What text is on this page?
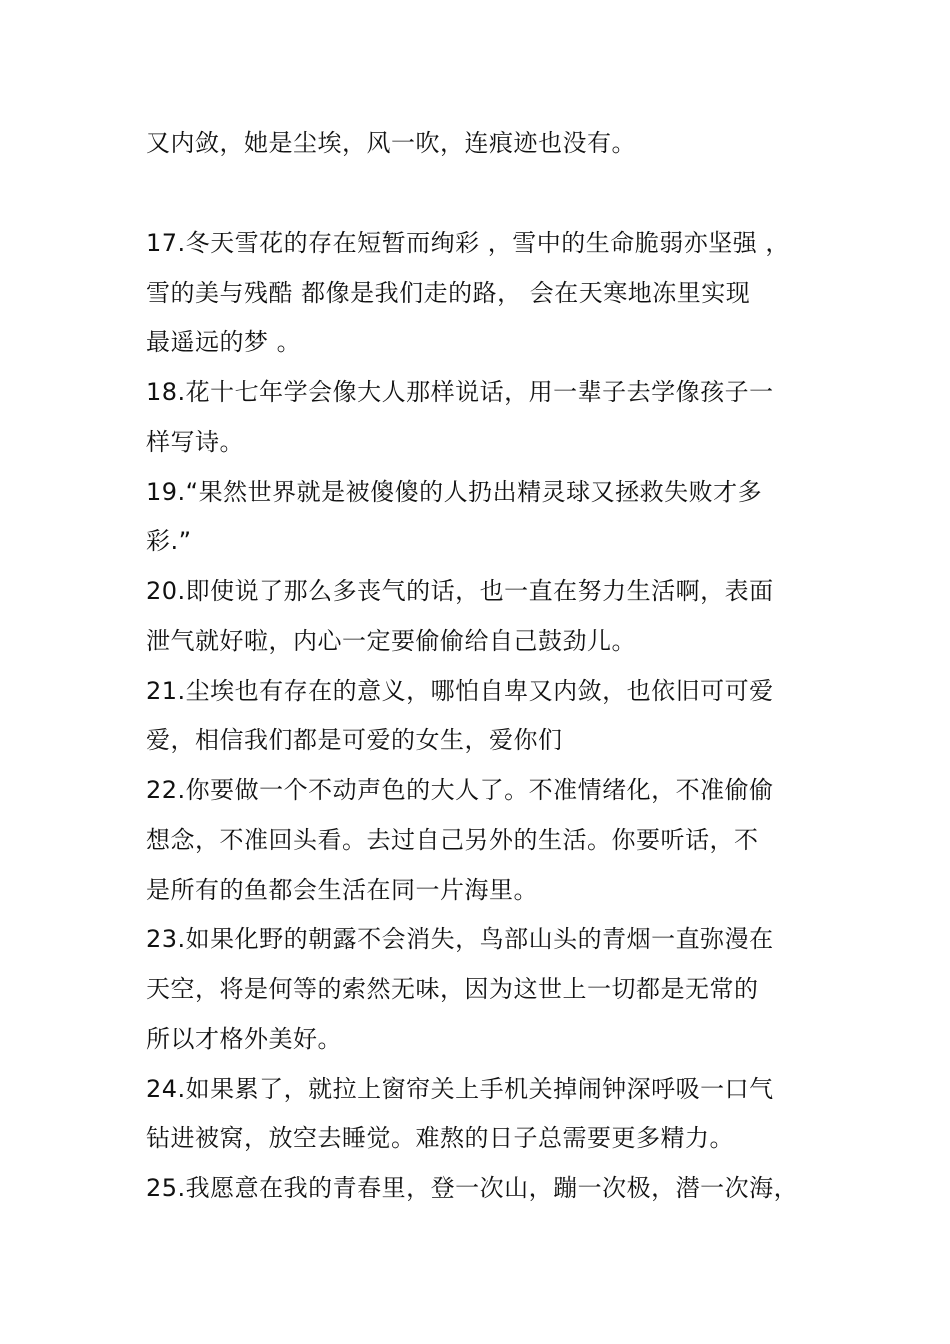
又内敛，她是尘埃，风一吹，连痕迹也没有。
17.冬天雪花的存在短暂而绚彩 ，雪中的生命脆弱亦坚强 ，
雪的美与残酷 都像是我们走的路， 会在天寒地冻里实现
最遥远的梦 。
18.花十七年学会像大人那样说话，用一辈子去学像孩子一
样写诗。
19.“果然世界就是被傻傻的人扔出精灵球又拯救失败才多
彩.”
20.即使说了那么多丧气的话，也一直在努力生活啊，表面
泄气就好啦，内心一定要偷偷给自己鼓劲儿。
21.尘埃也有存在的意义，哪怕自卑又内敛，也依旧可可爱
爱，相信我们都是可爱的女生，爱你们
22.你要做一个不动声色的大人了。不准情绪化，不准偷偷
想念，不准回头看。去过自己另外的生活。你要听话，不
是所有的鱼都会生活在同一片海里。
23.如果化野的朝露不会消失，鸟部山头的青烟一直弥漫在
天空，将是何等的索然无味，因为这世上一切都是无常的
所以才格外美好。
24.如果累了，就拉上窗帘关上手机关掉闹钟深呼吸一口气
钻进被窝，放空去睡觉。难熬的日子总需要更多精力。
25.我愿意在我的青春里，登一次山，蹦一次极，潜一次海，
